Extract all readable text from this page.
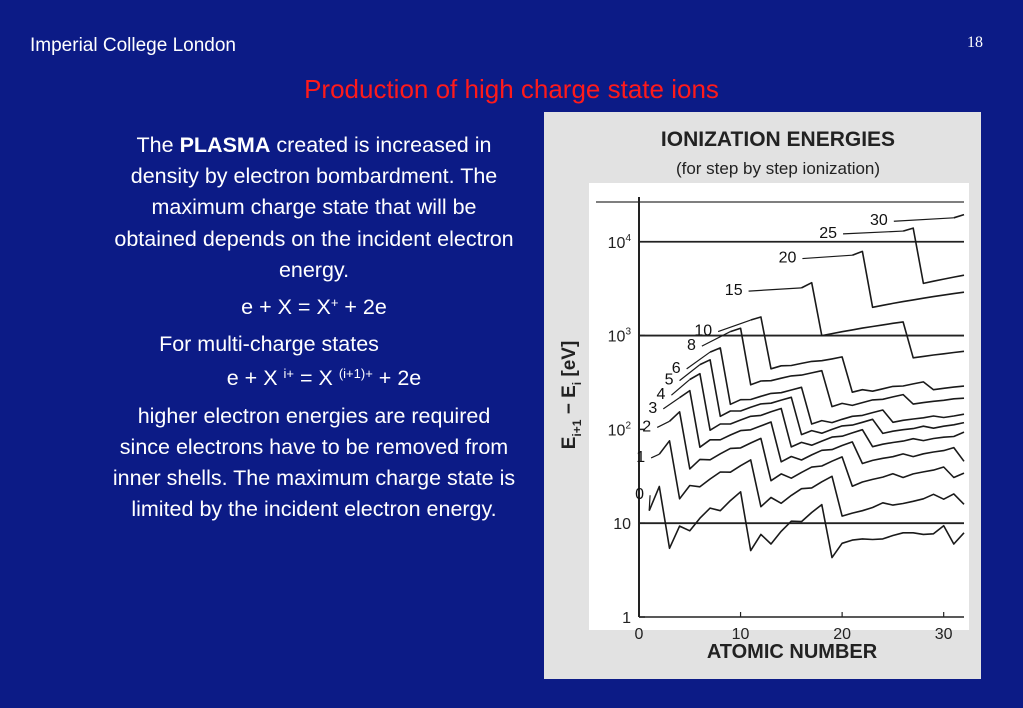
Imperial College London	18
Production of high charge state ions

The PLASMA created is increased in density by electron bombardment. The maximum charge state that will be obtained depends on the incident electron energy.

e + X = X+ + 2e

For multi-charge states

e + X $^{i+}$ = X $^{(i+1)+}$ + 2e

higher electron energies are required since electrons have to be removed from inner shells. The maximum charge state is limited by the incident electron energy.

IONIZATION ENERGIES
(for step by step ionization)
ATOMIC NUMBER
$E_{i+1} - E_i$ [eV]
1
10
$10^2$
$10^3$
$10^4$
0	10	20	30
0
1
2
3
4
5
6
8
10
15
20
25
30
